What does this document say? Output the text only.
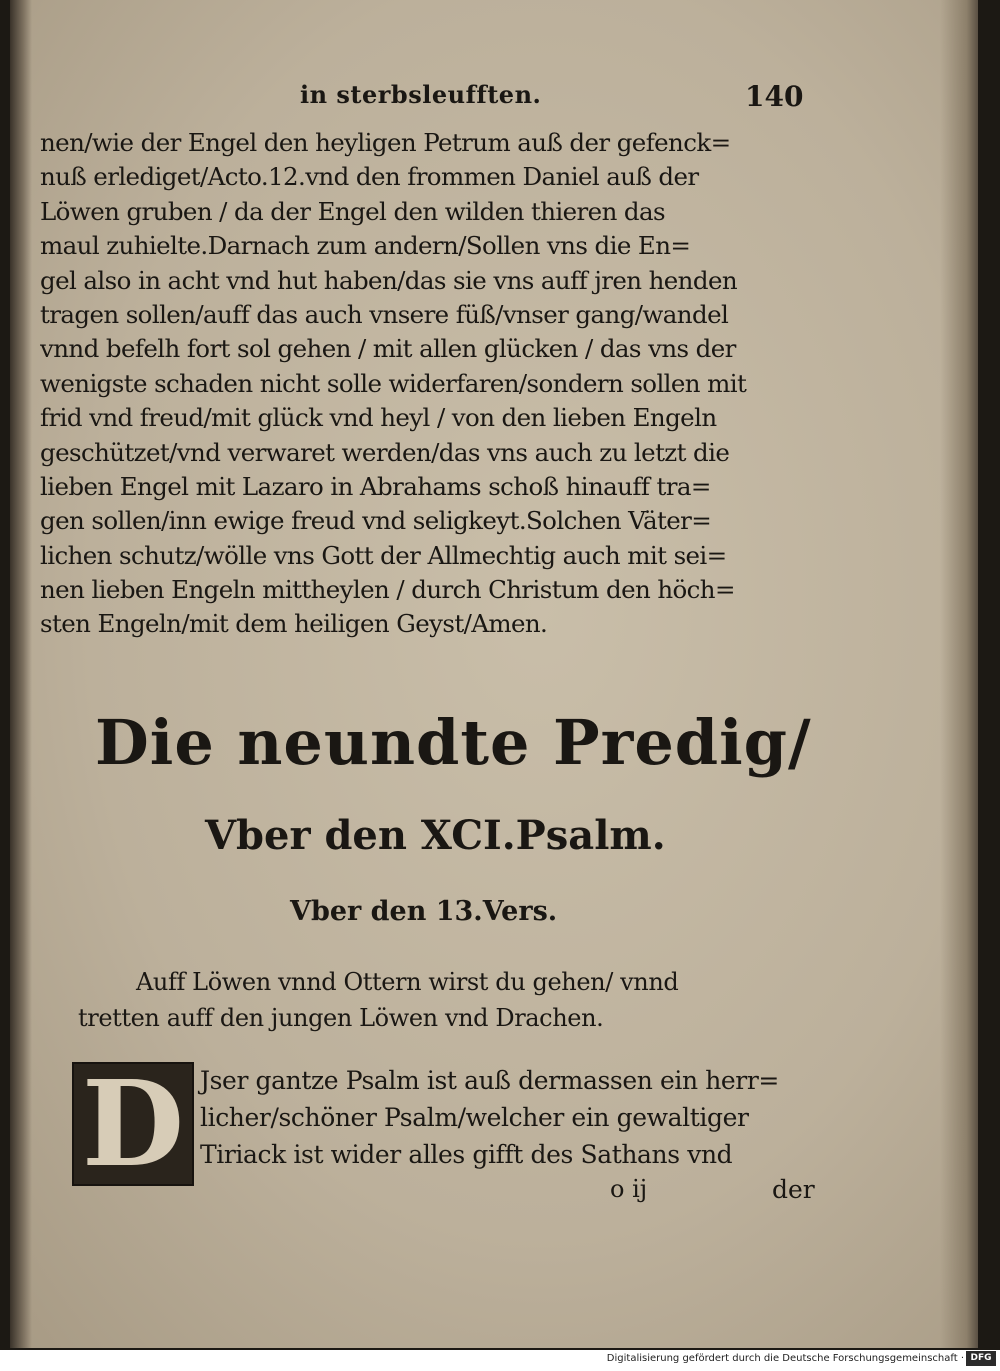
in sterbsleufften.	140
nen/wie der Engel den heyligen Petrum auß der gefenck=
nuß erlediget/Acto.12.vnd den frommen Daniel auß der
Löwen gruben / da der Engel den wilden thieren das
maul zuhielte.Darnach zum andern/Sollen vns die En=
gel also in acht vnd hut haben/das sie vns auff jren henden
tragen sollen/auff das auch vnsere füß/vnser gang/wandel
vnnd befelh fort sol gehen / mit allen glücken / das vns der
wenigste schaden nicht solle widerfaren/sondern sollen mit
frid vnd freud/mit glück vnd heyl / von den lieben Engeln
geschützet/vnd verwaret werden/das vns auch zu letzt die
lieben Engel mit Lazaro in Abrahams schoß hinauff tra=
gen sollen/inn ewige freud vnd seligkeyt.Solchen Väter=
lichen schutz/wölle vns Gott der Allmechtig auch mit sei=
nen lieben Engeln mittheylen / durch Christum den höch=
sten Engeln/mit dem heiligen Geyst/Amen.
Die neundte Predig/
Vber den XCI.Psalm.
Vber den 13.Vers.
Auff Löwen vnnd Ottern wirst du gehen/ vnnd
tretten auff den jungen Löwen vnd Drachen.
D Jser gantze Psalm ist auß dermassen ein herr=
licher/schöner Psalm/welcher ein gewaltiger
Tiriack ist wider alles gifft des Sathans vnd
o ij	der
Digitalisierung gefördert durch die Deutsche Forschungsgemeinschaft · DFG
